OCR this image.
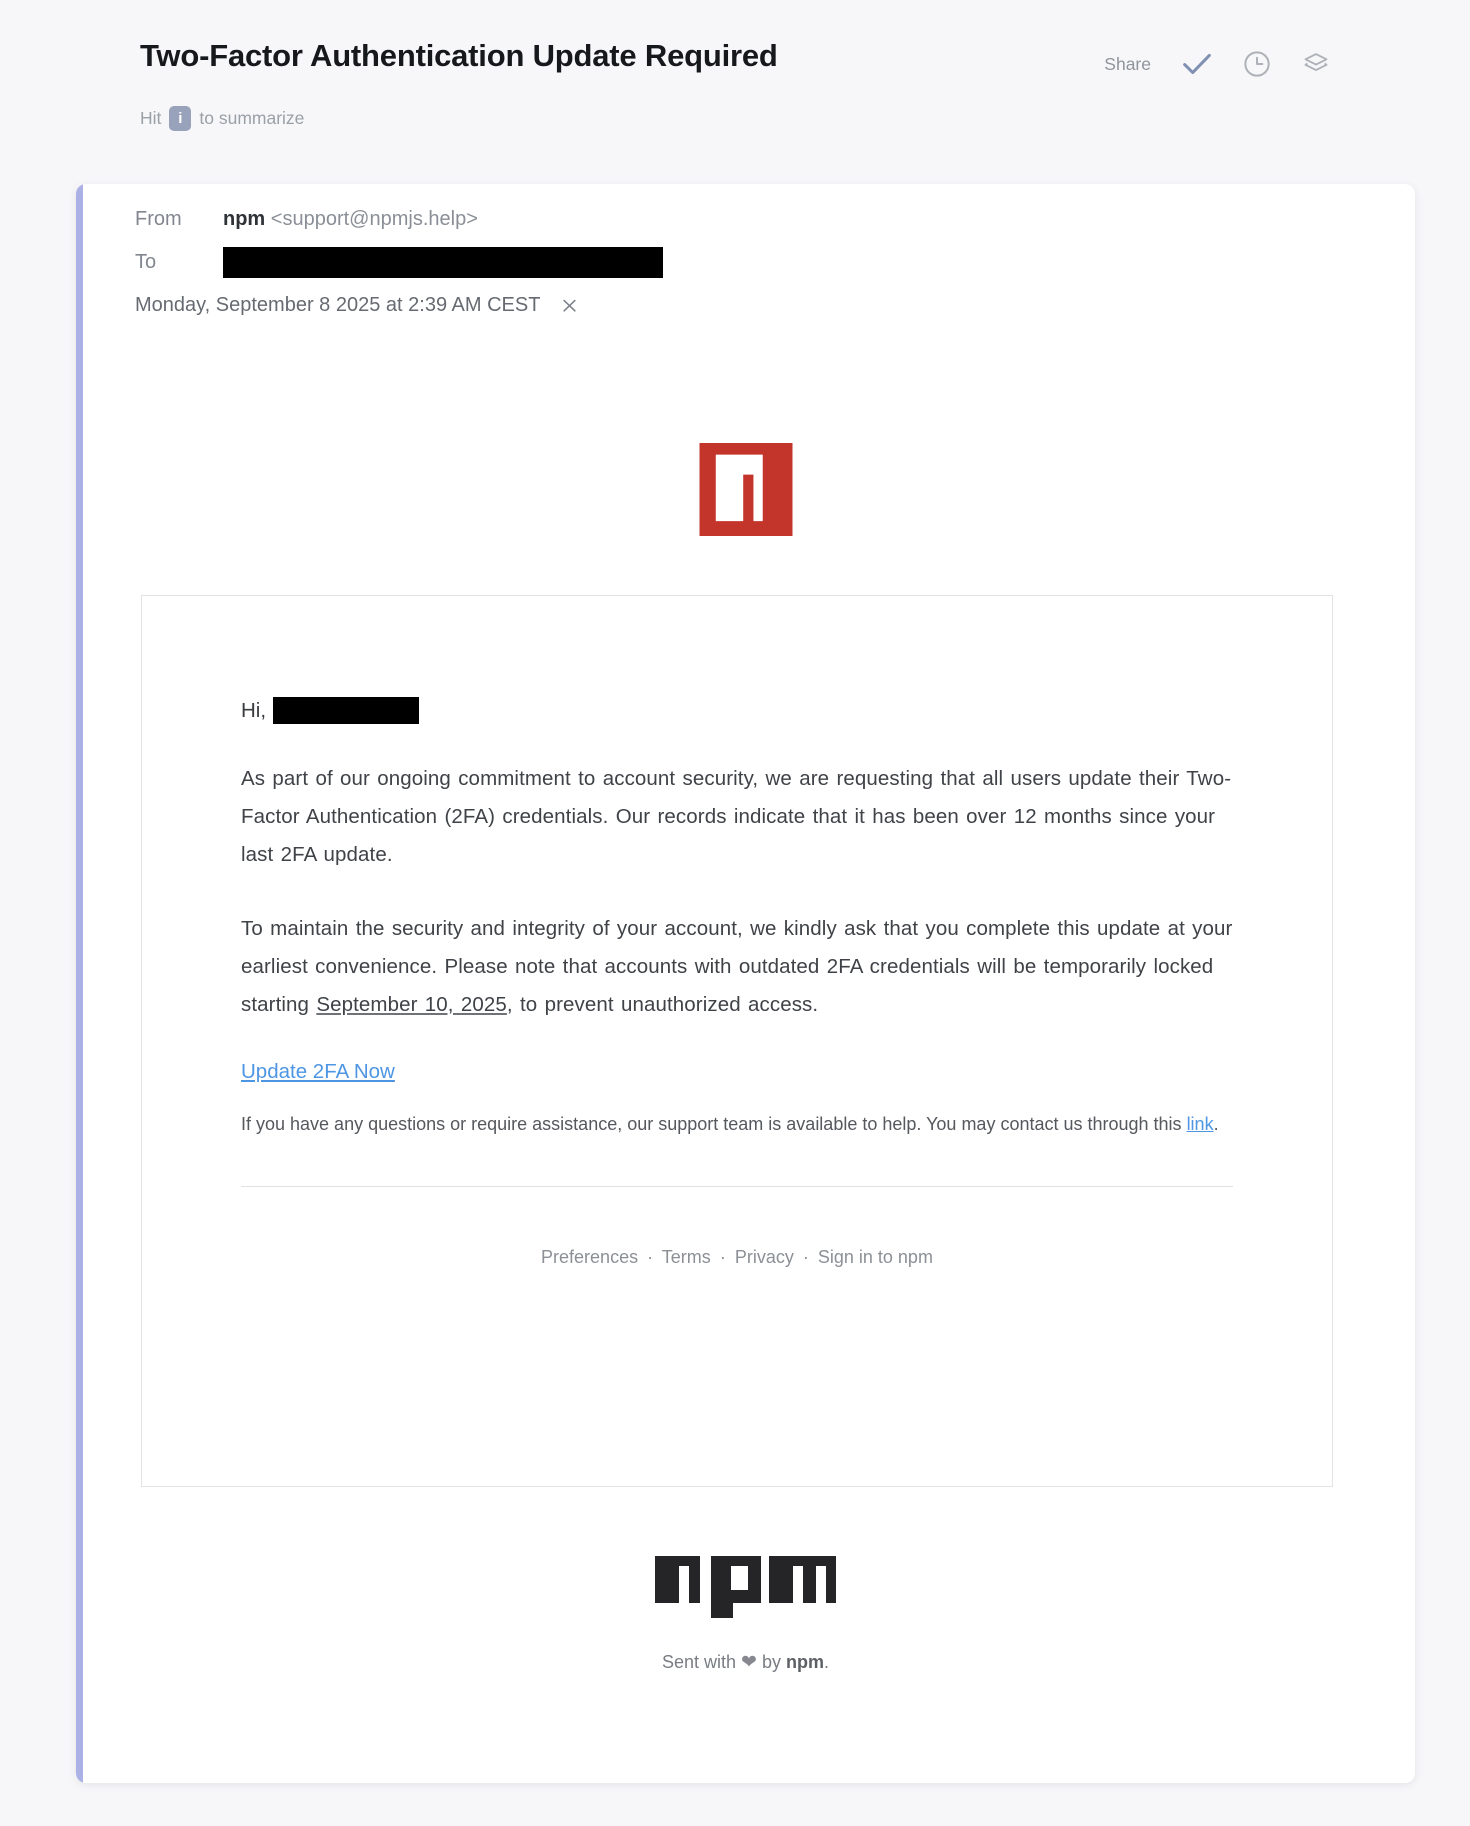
Two-Factor Authentication Update Required	Share
Hit	i to summarize
From	npm <support@npmjs.help>
To
Monday, September 8 2025 at 2:39 AM CEST
Hi,

As part of our ongoing commitment to account security, we are requesting that all users update their Two-Factor Authentication (2FA) credentials. Our records indicate that it has been over 12 months since your last 2FA update.

To maintain the security and integrity of your account, we kindly ask that you complete this update at your earliest convenience. Please note that accounts with outdated 2FA credentials will be temporarily locked starting September 10, 2025, to prevent unauthorized access.

Update 2FA Now

If you have any questions or require assistance, our support team is available to help. You may contact us through this link.

Preferences · Terms · Privacy · Sign in to npm
Sent with ❤ by npm.
